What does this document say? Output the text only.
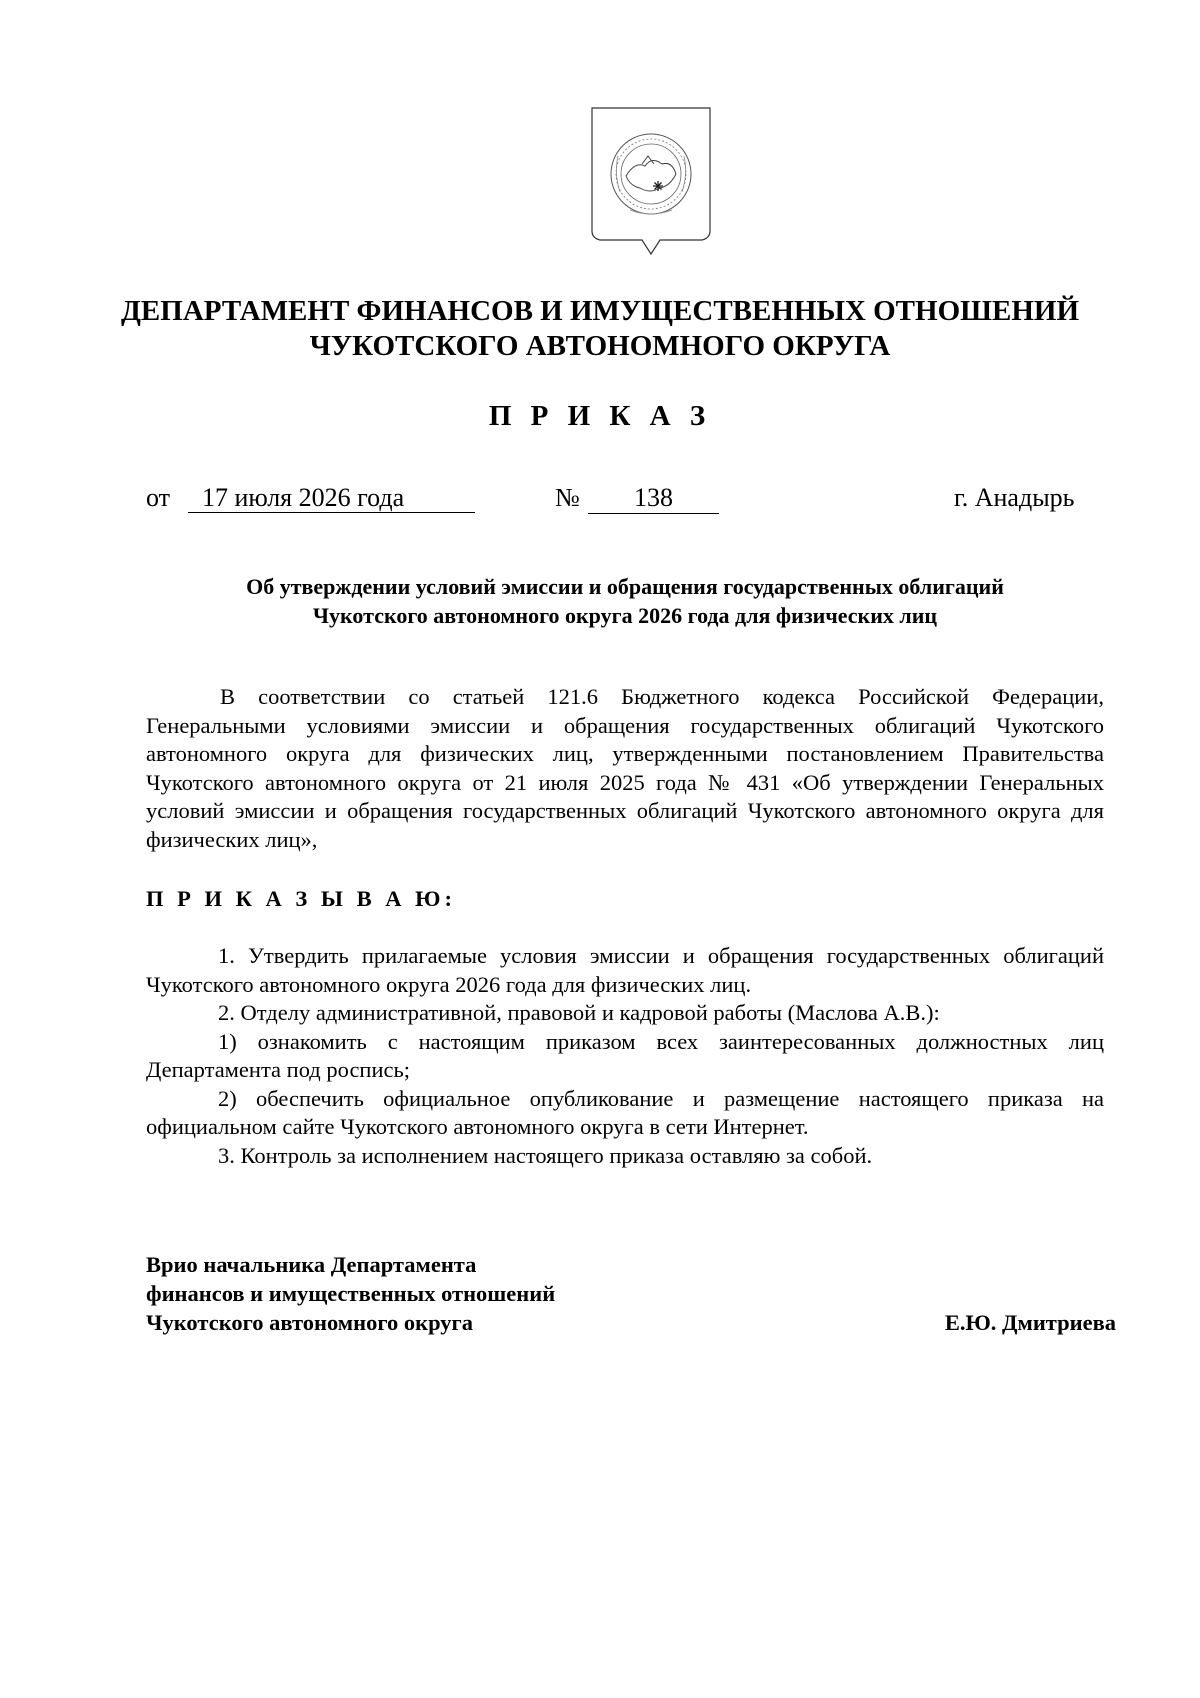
ДЕПАРТАМЕНТ ФИНАНСОВ И ИМУЩЕСТВЕННЫХ ОТНОШЕНИЙ
ЧУКОТСКОГО АВТОНОМНОГО ОКРУГА
П Р И К А З
от	17 июля 2026 года	№	138	г. Анадырь
Об утверждении условий эмиссии и обращения государственных облигаций
Чукотского автономного округа 2026 года для физических лиц

В соответствии со статьей 121.6 Бюджетного кодекса Российской Федерации, Генеральными условиями эмиссии и обращения государственных облигаций Чукотского автономного округа для физических лиц, утвержденными постановлением Правительства Чукотского автономного округа от 21 июля 2025 года № 431 «Об утверждении Генеральных условий эмиссии и обращения государственных облигаций Чукотского автономного округа для физических лиц»,

П Р И К А З Ы В А Ю:

1. Утвердить прилагаемые условия эмиссии и обращения государственных облигаций Чукотского автономного округа 2026 года для физических лиц.

2. Отделу административной, правовой и кадровой работы (Маслова А.В.):

1) ознакомить с настоящим приказом всех заинтересованных должностных лиц Департамента под роспись;

2) обеспечить официальное опубликование и размещение настоящего приказа на официальном сайте Чукотского автономного округа в сети Интернет.

3. Контроль за исполнением настоящего приказа оставляю за собой.

Врио начальника Департамента
финансов и имущественных отношений
Чукотского автономного округа	Е.Ю. Дмитриева
